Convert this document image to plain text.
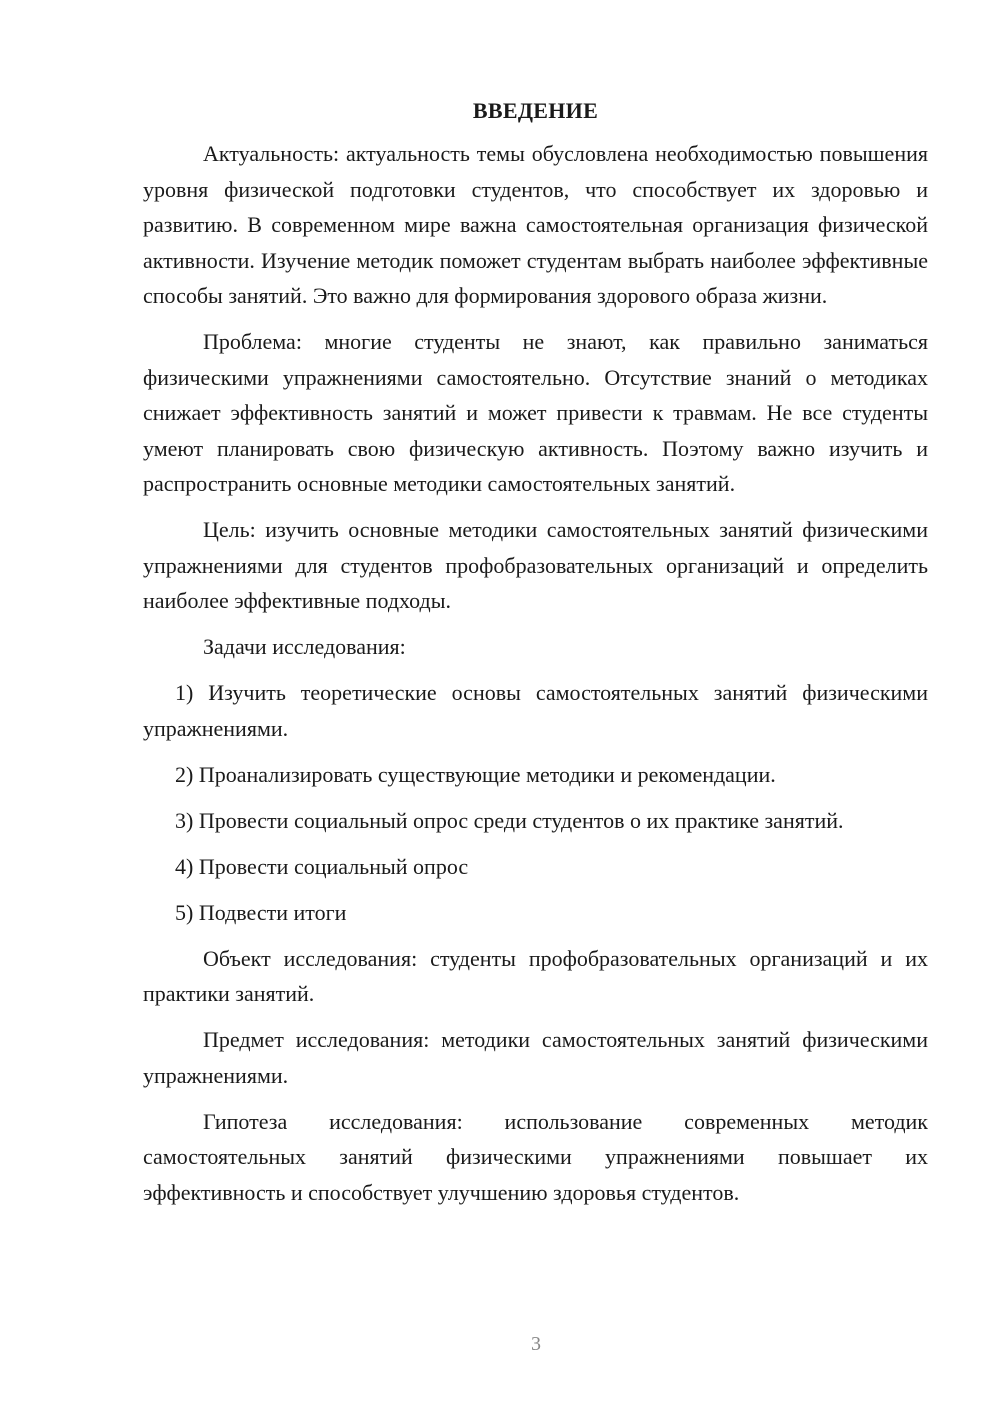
ВВЕДЕНИЕ

Актуальность: актуальность темы обусловлена необходимостью повышения уровня физической подготовки студентов, что способствует их здоровью и развитию. В современном мире важна самостоятельная организация физической активности. Изучение методик поможет студентам выбрать наиболее эффективные способы занятий. Это важно для формирования здорового образа жизни.

Проблема: многие студенты не знают, как правильно заниматься физическими упражнениями самостоятельно. Отсутствие знаний о методиках снижает эффективность занятий и может привести к травмам. Не все студенты умеют планировать свою физическую активность. Поэтому важно изучить и распространить основные методики самостоятельных занятий.

Цель: изучить основные методики самостоятельных занятий физическими упражнениями для студентов профобразовательных организаций и определить наиболее эффективные подходы.

Задачи исследования:

1) Изучить теоретические основы самостоятельных занятий физическими упражнениями.

2) Проанализировать существующие методики и рекомендации.

3) Провести социальный опрос среди студентов о их практике занятий.

4) Провести социальный опрос

5) Подвести итоги

Объект исследования: студенты профобразовательных организаций и их практики занятий.

Предмет исследования: методики самостоятельных занятий физическими упражнениями.

Гипотеза исследования: использование современных методик самостоятельных занятий физическими упражнениями повышает их эффективность и способствует улучшению здоровья студентов.

3
